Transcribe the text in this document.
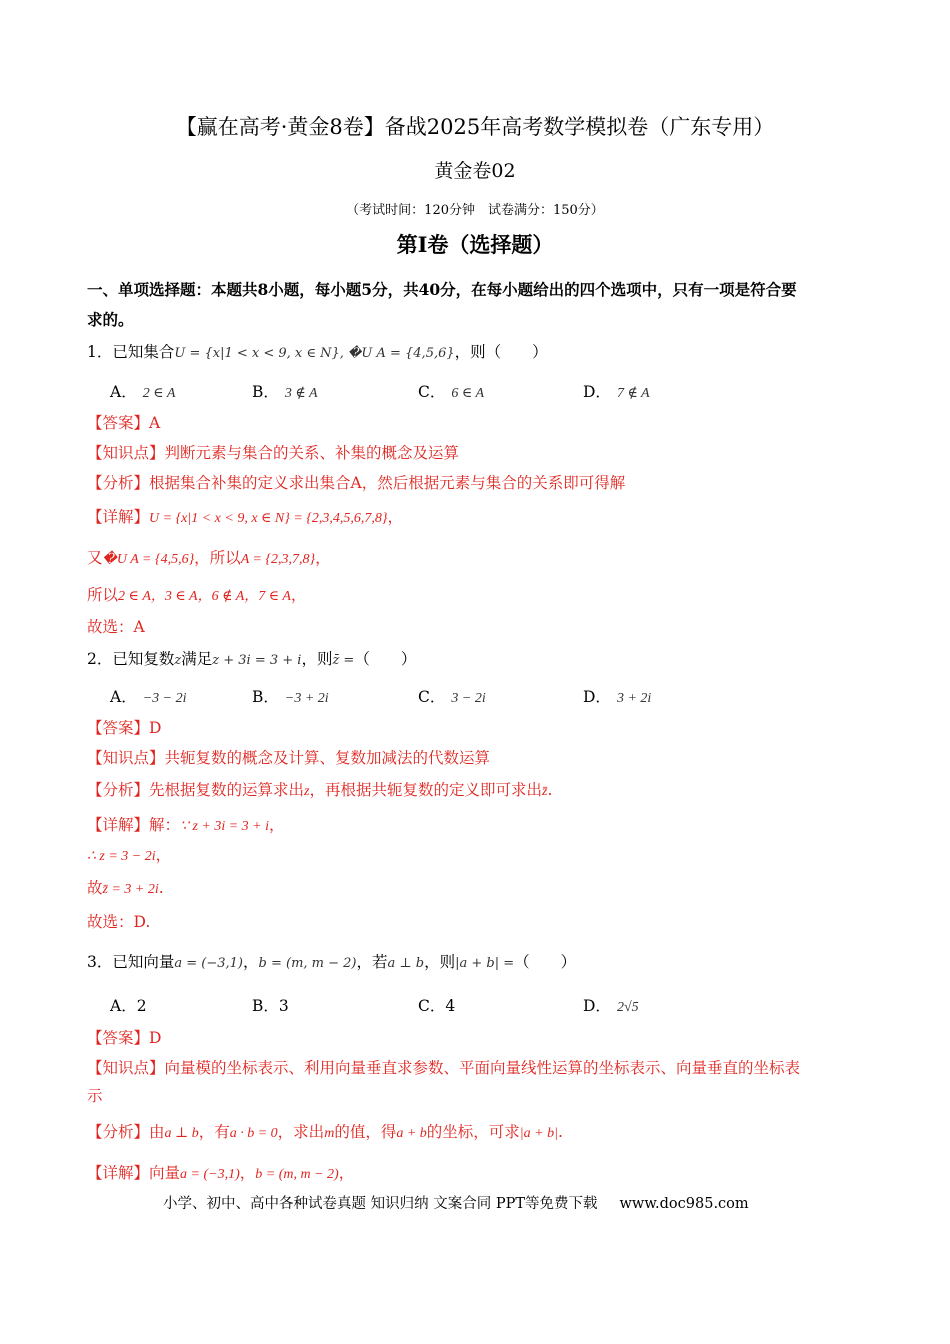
【赢在高考·黄金8卷】备战2025年高考数学模拟卷（广东专用）
黄金卷02
（考试时间：120分钟　试卷满分：150分）
第I卷（选择题）
一、单项选择题：本题共8小题，每小题5分，共40分，在每小题给出的四个选项中，只有一项是符合要
求的。
1．已知集合U = {x|1 < x < 9, x ∈ N}, �U A = {4,5,6}，则（　　）
A． 2 ∈ A	B． 3 ∉ A	C． 6 ∈ A	D． 7 ∉ A
【答案】A
【知识点】判断元素与集合的关系、补集的概念及运算
【分析】根据集合补集的定义求出集合A，然后根据元素与集合的关系即可得解
【详解】U = {x|1 < x < 9, x ∈ N} = {2,3,4,5,6,7,8}，
又�U A = {4,5,6}，所以A = {2,3,7,8}，
所以2 ∈ A，3 ∈ A，6 ∉ A，7 ∈ A，
故选：A
2．已知复数z满足z + 3i = 3 + i，则z̄ =（　　）
A． −3 − 2i	B． −3 + 2i	C． 3 − 2i	D． 3 + 2i
【答案】D
【知识点】共轭复数的概念及计算、复数加减法的代数运算
【分析】先根据复数的运算求出z，再根据共轭复数的定义即可求出z̄.
【详解】解：∵ z + 3i = 3 + i，
∴ z = 3 − 2i，
故z̄ = 3 + 2i.
故选：D.
3．已知向量a = (−3,1)，b = (m, m − 2)，若a ⊥ b，则|a + b| =（　　）
A．2	B．3	C．4	D． 2√5
【答案】D
【知识点】向量模的坐标表示、利用向量垂直求参数、平面向量线性运算的坐标表示、向量垂直的坐标表
示
【分析】由a ⊥ b，有a · b = 0，求出m的值，得a + b的坐标，可求|a + b|.
【详解】向量a = (−3,1)，b = (m, m − 2)，
小学、初中、高中各种试卷真题 知识归纳 文案合同 PPT等免费下载 www.doc985.com
